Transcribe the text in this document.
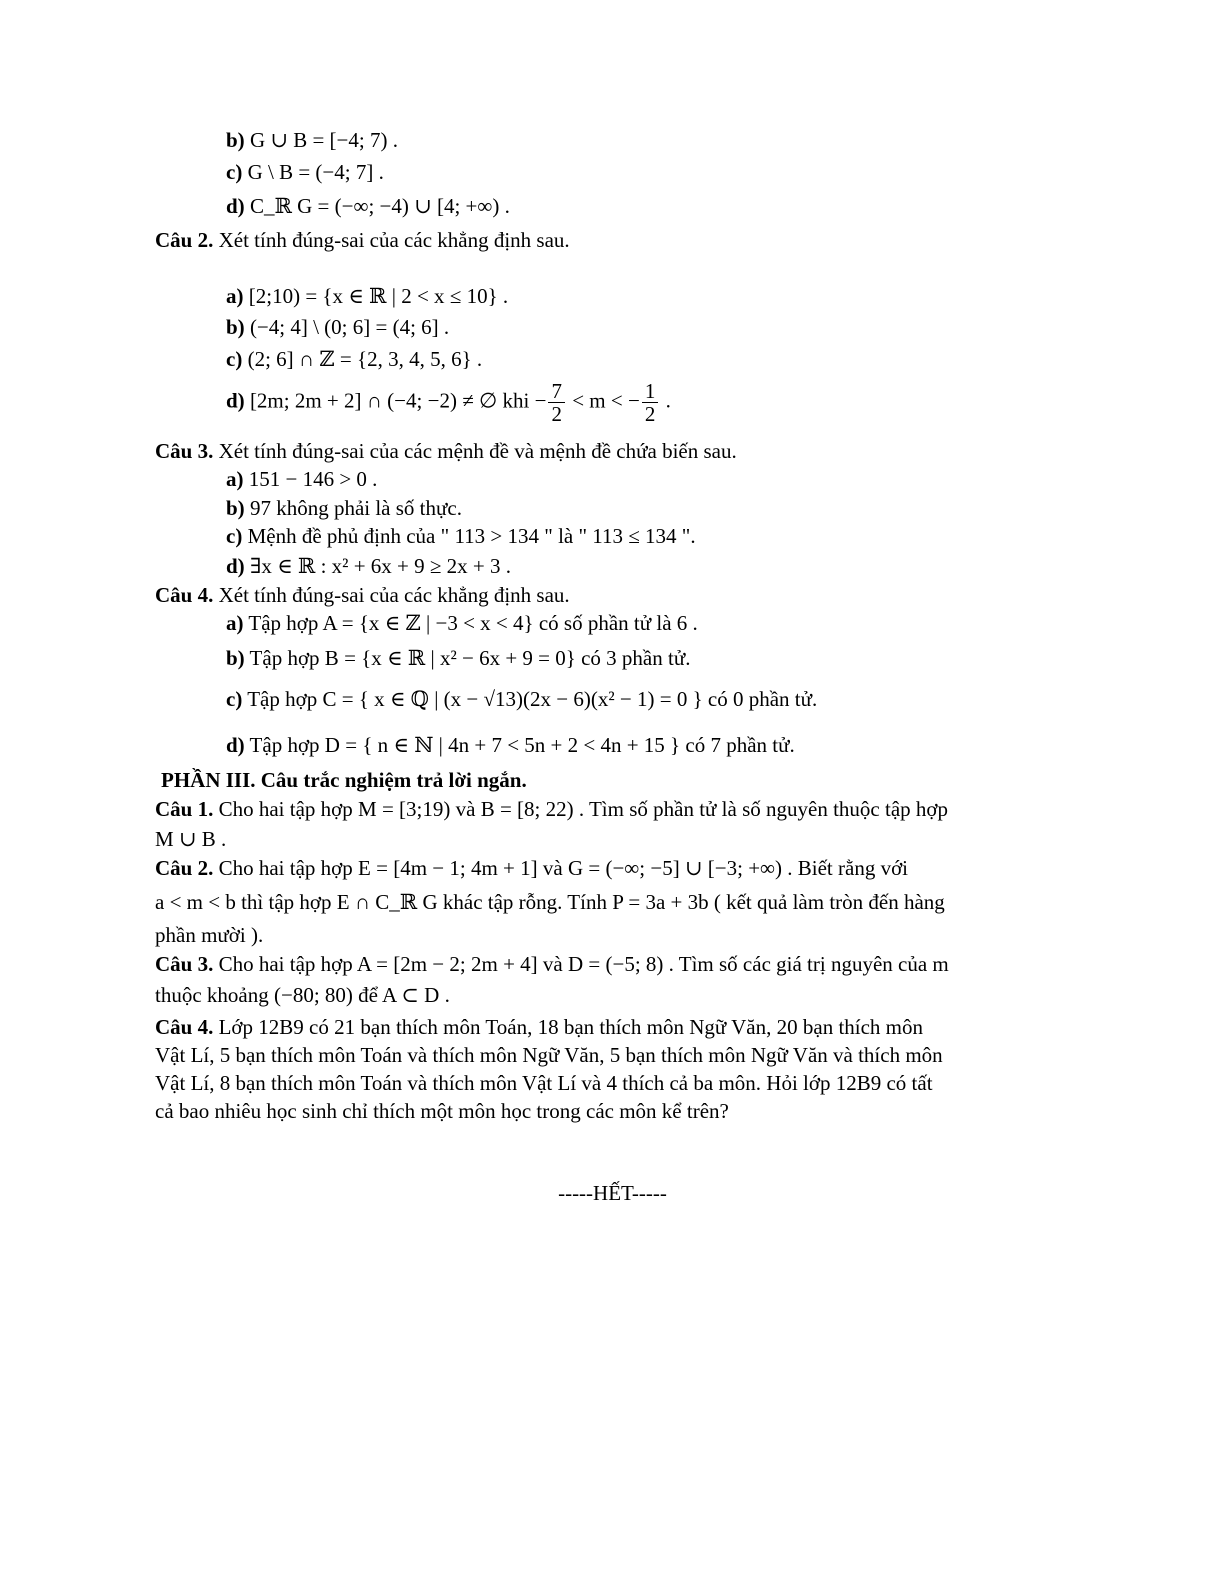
b) G ∪ B = [−4; 7) .
c) G \ B = (−4; 7] .
d) C_ℝ G = (−∞; −4) ∪ [4; +∞) .
Câu 2. Xét tính đúng-sai của các khẳng định sau.
a) [2;10) = {x ∈ ℝ | 2 < x ≤ 10} .
b) (−4; 4] \ (0; 6] = (4; 6] .
c) (2; 6] ∩ ℤ = {2, 3, 4, 5, 6} .
d) [2m; 2m + 2] ∩ (−4; −2) ≠ ∅ khi − $\frac{7}{2} < m$ < − $\frac{1}{2}$ .
Câu 3. Xét tính đúng-sai của các mệnh đề và mệnh đề chứa biến sau.
a) 151 − 146 > 0 .
b) 97 không phải là số thực.
c) Mệnh đề phủ định của " 113 > 134 " là " 113 ≤ 134 ".
d) ∃x ∈ ℝ : x² + 6x + 9 ≥ 2x + 3 .
Câu 4. Xét tính đúng-sai của các khẳng định sau.
a) Tập hợp A = {x ∈ ℤ | −3 < x < 4} có số phần tử là 6 .
b) Tập hợp B = {x ∈ ℝ | x² − 6x + 9 = 0} có 3 phần tử.
c) Tập hợp C = { x ∈ ℚ | (x − √13)(2x − 6)(x² − 1) = 0 } có 0 phần tử.
d) Tập hợp D = { n ∈ ℕ | 4n + 7 < 5n + 2 < 4n + 15 } có 7 phần tử.
PHẦN III. Câu trắc nghiệm trả lời ngắn.
Câu 1. Cho hai tập hợp M = [3;19) và B = [8; 22) . Tìm số phần tử là số nguyên thuộc tập hợp
M ∪ B .
Câu 2. Cho hai tập hợp E = [4m − 1; 4m + 1] và G = (−∞; −5] ∪ [−3; +∞) . Biết rằng với
a < m < b thì tập hợp E ∩ C_ℝ G khác tập rỗng. Tính P = 3a + 3b ( kết quả làm tròn đến hàng
phần mười ).
Câu 3. Cho hai tập hợp A = [2m − 2; 2m + 4] và D = (−5; 8) . Tìm số các giá trị nguyên của m
thuộc khoảng (−80; 80) để A ⊂ D .
Câu 4. Lớp 12B9 có 21 bạn thích môn Toán, 18 bạn thích môn Ngữ Văn, 20 bạn thích môn
Vật Lí, 5 bạn thích môn Toán và thích môn Ngữ Văn, 5 bạn thích môn Ngữ Văn và thích môn
Vật Lí, 8 bạn thích môn Toán và thích môn Vật Lí và 4 thích cả ba môn. Hỏi lớp 12B9 có tất
cả bao nhiêu học sinh chỉ thích một môn học trong các môn kể trên?
-----HẾT-----
